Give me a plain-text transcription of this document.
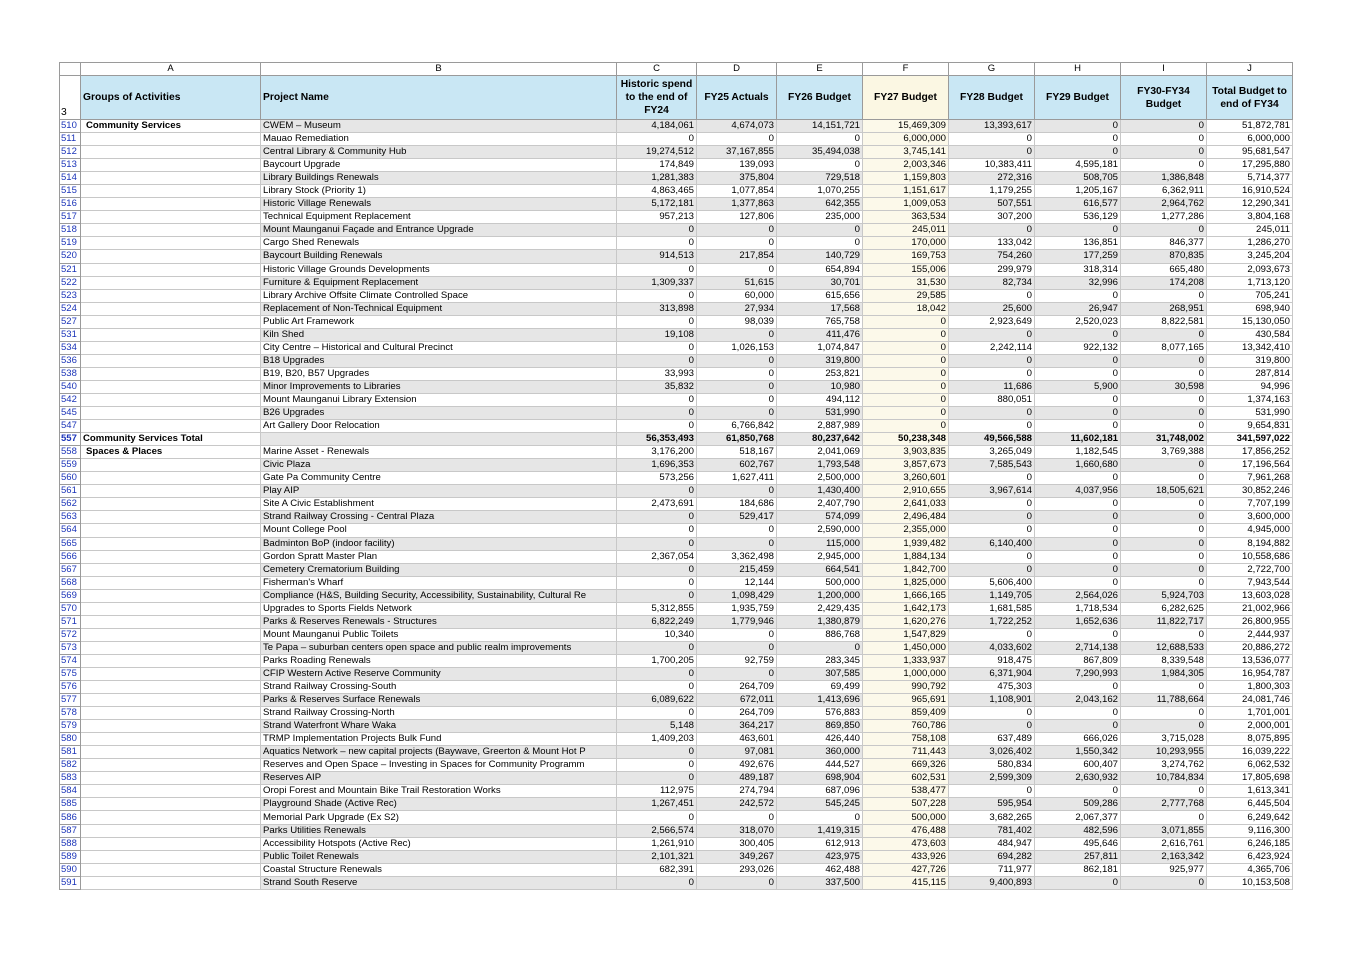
	A	B	C	D	E	F	G	H	I	J
3	Groups of Activities	Project Name	Historic spend to the end of FY24	FY25 Actuals	FY26 Budget	FY27 Budget	FY28 Budget	FY29 Budget	FY30-FY34 Budget	Total Budget to end of FY34
510	Community Services	CWEM – Museum	4,184,061	4,674,073	14,151,721	15,469,309	13,393,617	0	0	51,872,781
511		Mauao Remediation	0	0	0	6,000,000	0	0	0	6,000,000
512		Central Library & Community Hub	19,274,512	37,167,855	35,494,038	3,745,141	0	0	0	95,681,547
513		Baycourt Upgrade	174,849	139,093	0	2,003,346	10,383,411	4,595,181	0	17,295,880
514		Library Buildings Renewals	1,281,383	375,804	729,518	1,159,803	272,316	508,705	1,386,848	5,714,377
515		Library Stock (Priority 1)	4,863,465	1,077,854	1,070,255	1,151,617	1,179,255	1,205,167	6,362,911	16,910,524
516		Historic Village Renewals	5,172,181	1,377,863	642,355	1,009,053	507,551	616,577	2,964,762	12,290,341
517		Technical Equipment Replacement	957,213	127,806	235,000	363,534	307,200	536,129	1,277,286	3,804,168
518		Mount Maunganui Façade and Entrance Upgrade	0	0	0	245,011	0	0	0	245,011
519		Cargo Shed Renewals	0	0	0	170,000	133,042	136,851	846,377	1,286,270
520		Baycourt Building Renewals	914,513	217,854	140,729	169,753	754,260	177,259	870,835	3,245,204
521		Historic Village Grounds Developments	0	0	654,894	155,006	299,979	318,314	665,480	2,093,673
522		Furniture & Equipment Replacement	1,309,337	51,615	30,701	31,530	82,734	32,996	174,208	1,713,120
523		Library Archive Offsite Climate Controlled Space	0	60,000	615,656	29,585	0	0	0	705,241
524		Replacement of Non-Technical Equipment	313,898	27,934	17,568	18,042	25,600	26,947	268,951	698,940
527		Public Art Framework	0	98,039	765,758	0	2,923,649	2,520,023	8,822,581	15,130,050
531		Kiln Shed	19,108	0	411,476	0	0	0	0	430,584
534		City Centre – Historical and Cultural Precinct	0	1,026,153	1,074,847	0	2,242,114	922,132	8,077,165	13,342,410
536		B18 Upgrades	0	0	319,800	0	0	0	0	319,800
538		B19, B20, B57 Upgrades	33,993	0	253,821	0	0	0	0	287,814
540		Minor Improvements to Libraries	35,832	0	10,980	0	11,686	5,900	30,598	94,996
542		Mount Maunganui Library Extension	0	0	494,112	0	880,051	0	0	1,374,163
545		B26 Upgrades	0	0	531,990	0	0	0	0	531,990
547		Art Gallery Door Relocation	0	6,766,842	2,887,989	0	0	0	0	9,654,831
557	Community Services Total		56,353,493	61,850,768	80,237,642	50,238,348	49,566,588	11,602,181	31,748,002	341,597,022
558	Spaces & Places	Marine Asset - Renewals	3,176,200	518,167	2,041,069	3,903,835	3,265,049	1,182,545	3,769,388	17,856,252
559		Civic Plaza	1,696,353	602,767	1,793,548	3,857,673	7,585,543	1,660,680	0	17,196,564
560		Gate Pa Community Centre	573,256	1,627,411	2,500,000	3,260,601	0	0	0	7,961,268
561		Play AIP	0	0	1,430,400	2,910,655	3,967,614	4,037,956	18,505,621	30,852,246
562		Site A Civic Establishment	2,473,691	184,686	2,407,790	2,641,033	0	0	0	7,707,199
563		Strand Railway Crossing - Central Plaza	0	529,417	574,099	2,496,484	0	0	0	3,600,000
564		Mount College Pool	0	0	2,590,000	2,355,000	0	0	0	4,945,000
565		Badminton BoP (indoor facility)	0	0	115,000	1,939,482	6,140,400	0	0	8,194,882
566		Gordon Spratt Master Plan	2,367,054	3,362,498	2,945,000	1,884,134	0	0	0	10,558,686
567		Cemetery Crematorium Building	0	215,459	664,541	1,842,700	0	0	0	2,722,700
568		Fisherman's Wharf	0	12,144	500,000	1,825,000	5,606,400	0	0	7,943,544
569		Compliance (H&S, Building Security, Accessibility, Sustainability, Cultural Re	0	1,098,429	1,200,000	1,666,165	1,149,705	2,564,026	5,924,703	13,603,028
570		Upgrades to Sports Fields Network	5,312,855	1,935,759	2,429,435	1,642,173	1,681,585	1,718,534	6,282,625	21,002,966
571		Parks & Reserves Renewals - Structures	6,822,249	1,779,946	1,380,879	1,620,276	1,722,252	1,652,636	11,822,717	26,800,955
572		Mount Maunganui Public Toilets	10,340	0	886,768	1,547,829	0	0	0	2,444,937
573		Te Papa – suburban centers open space and public realm improvements	0	0	0	1,450,000	4,033,602	2,714,138	12,688,533	20,886,272
574		Parks Roading Renewals	1,700,205	92,759	283,345	1,333,937	918,475	867,809	8,339,548	13,536,077
575		CFIP Western Active Reserve Community	0	0	307,585	1,000,000	6,371,904	7,290,993	1,984,305	16,954,787
576		Strand Railway Crossing-South	0	264,709	69,499	990,792	475,303	0	0	1,800,303
577		Parks & Reserves Surface Renewals	6,089,622	672,011	1,413,696	965,691	1,108,901	2,043,162	11,788,664	24,081,746
578		Strand Railway Crossing-North	0	264,709	576,883	859,409	0	0	0	1,701,001
579		Strand Waterfront Whare Waka	5,148	364,217	869,850	760,786	0	0	0	2,000,001
580		TRMP Implementation Projects Bulk Fund	1,409,203	463,601	426,440	758,108	637,489	666,026	3,715,028	8,075,895
581		Aquatics Network – new capital projects (Baywave, Greerton & Mount Hot P	0	97,081	360,000	711,443	3,026,402	1,550,342	10,293,955	16,039,222
582		Reserves and Open Space – Investing in Spaces for Community Programm	0	492,676	444,527	669,326	580,834	600,407	3,274,762	6,062,532
583		Reserves AIP	0	489,187	698,904	602,531	2,599,309	2,630,932	10,784,834	17,805,698
584		Oropi Forest and Mountain Bike Trail Restoration Works	112,975	274,794	687,096	538,477	0	0	0	1,613,341
585		Playground Shade (Active Rec)	1,267,451	242,572	545,245	507,228	595,954	509,286	2,777,768	6,445,504
586		Memorial Park Upgrade (Ex S2)	0	0	0	500,000	3,682,265	2,067,377	0	6,249,642
587		Parks Utilities Renewals	2,566,574	318,070	1,419,315	476,488	781,402	482,596	3,071,855	9,116,300
588		Accessibility Hotspots (Active Rec)	1,261,910	300,405	612,913	473,603	484,947	495,646	2,616,761	6,246,185
589		Public Toilet Renewals	2,101,321	349,267	423,975	433,926	694,282	257,811	2,163,342	6,423,924
590		Coastal Structure Renewals	682,391	293,026	462,488	427,726	711,977	862,181	925,977	4,365,706
591		Strand South Reserve	0	0	337,500	415,115	9,400,893	0	0	10,153,508
